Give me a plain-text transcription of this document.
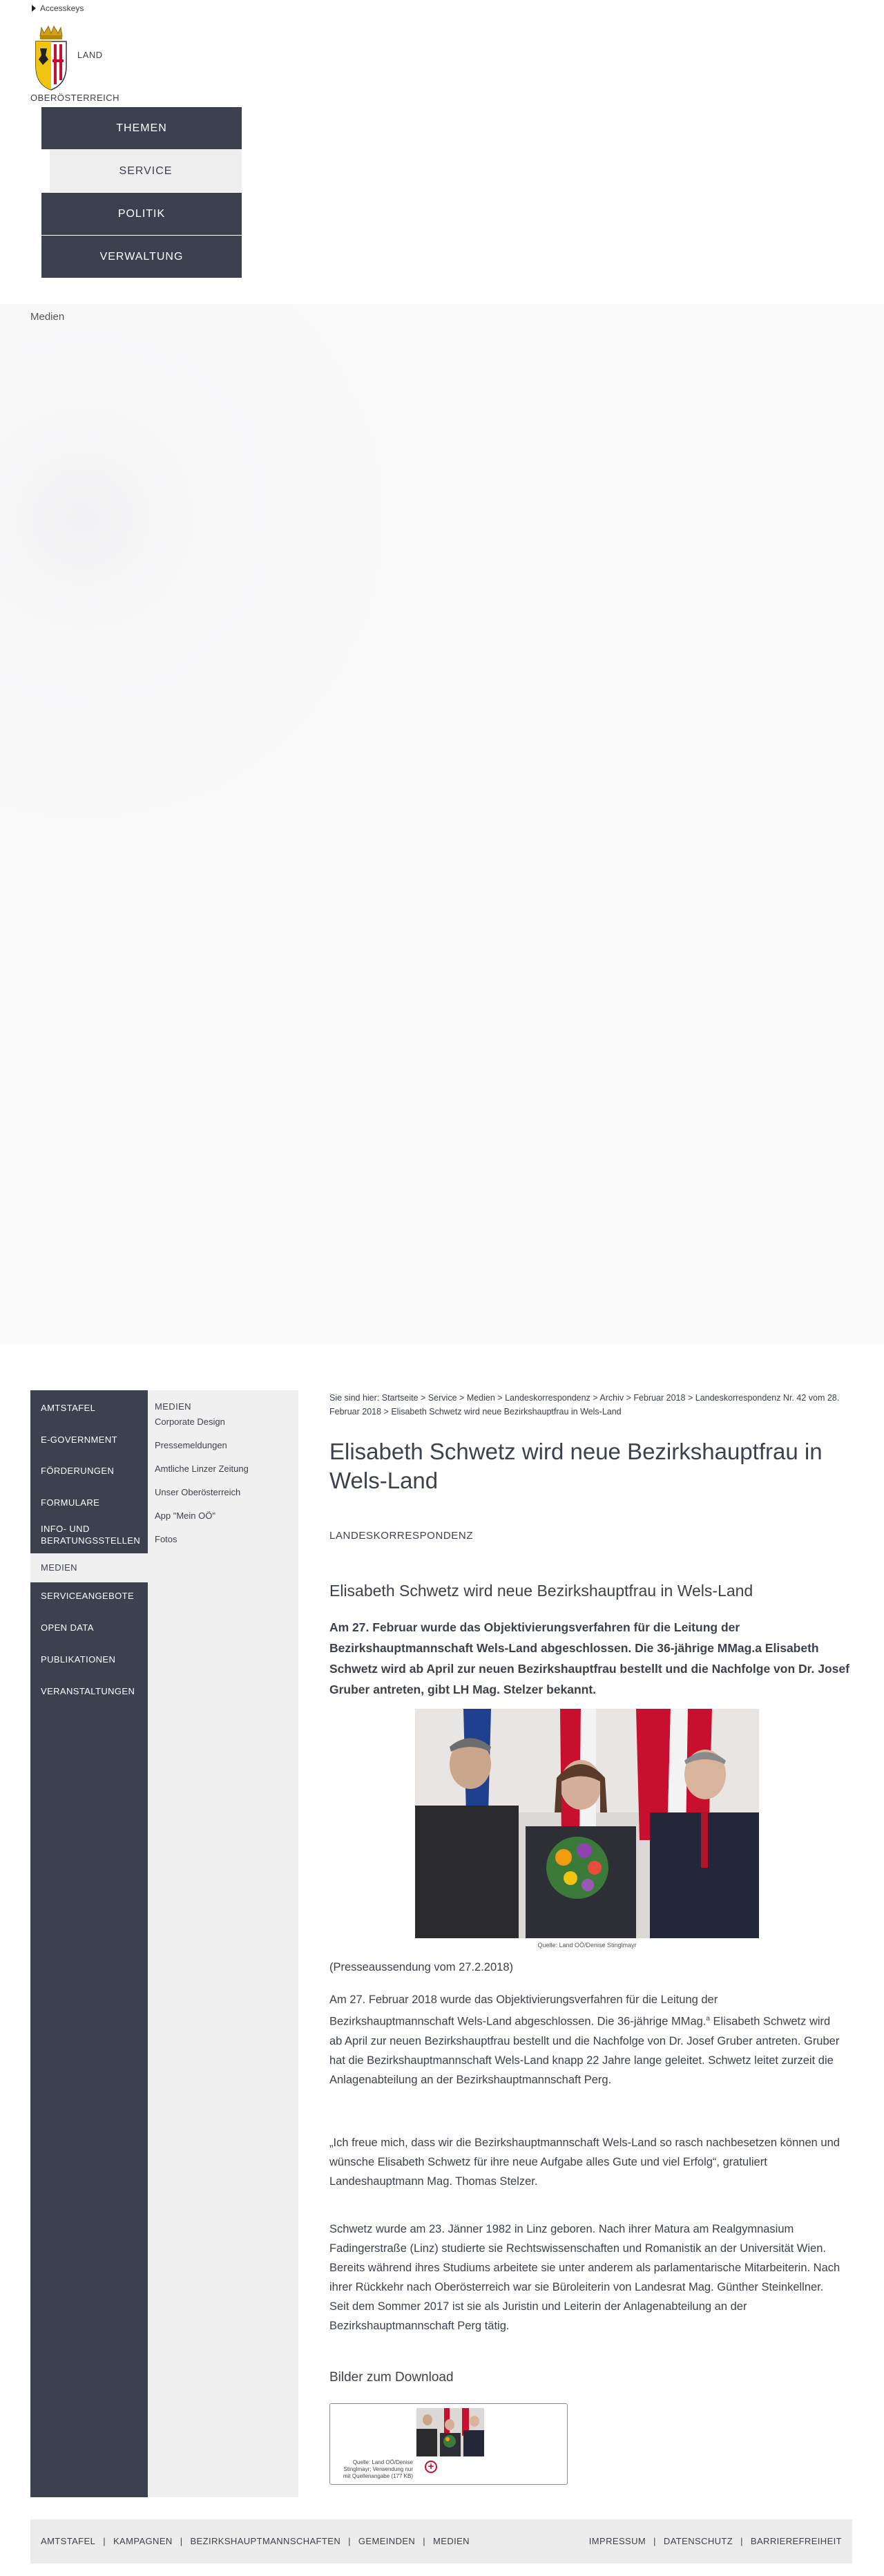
Accesskeys
LAND
OBERÖSTERREICH
THEMEN
SERVICE
POLITIK
VERWALTUNG
Medien
AMTSTAFEL
E-GOVERNMENT
FÖRDERUNGEN
FORMULARE
INFO- UND BERATUNGSSTELLEN
MEDIEN
SERVICEANGEBOTE
OPEN DATA
PUBLIKATIONEN
VERANSTALTUNGEN
MEDIEN
Corporate Design
Pressemeldungen
Amtliche Linzer Zeitung
Unser Oberösterreich
App "Mein OÖ"
Fotos
Sie sind hier: Startseite > Service > Medien > Landeskorrespondenz > Archiv > Februar 2018 > Landeskorrespondenz Nr. 42 vom 28. Februar 2018 > Elisabeth Schwetz wird neue Bezirkshauptfrau in Wels-Land
Elisabeth Schwetz wird neue Bezirkshauptfrau in Wels-Land
LANDESKORRESPONDENZ
Elisabeth Schwetz wird neue Bezirkshauptfrau in Wels-Land

Am 27. Februar wurde das Objektivierungsverfahren für die Leitung der Bezirkshauptmannschaft Wels-Land abgeschlossen. Die 36-jährige MMag.a Elisabeth Schwetz wird ab April zur neuen Bezirkshauptfrau bestellt und die Nachfolge von Dr. Josef Gruber antreten, gibt LH Mag. Stelzer bekannt.

Quelle: Land OÖ/Denise Stinglmayr
(Presseaussendung vom 27.2.2018)

Am 27. Februar 2018 wurde das Objektivierungsverfahren für die Leitung der Bezirkshauptmannschaft Wels-Land abgeschlossen. Die 36-jährige MMag.$^a$ Elisabeth Schwetz wird ab April zur neuen Bezirkshauptfrau bestellt und die Nachfolge von Dr. Josef Gruber antreten. Gruber hat die Bezirkshauptmannschaft Wels-Land knapp 22 Jahre lange geleitet. Schwetz leitet zurzeit die Anlagenabteilung an der Bezirkshauptmannschaft Perg.

„Ich freue mich, dass wir die Bezirkshauptmannschaft Wels-Land so rasch nachbesetzen können und wünsche Elisabeth Schwetz für ihre neue Aufgabe alles Gute und viel Erfolg“, gratuliert Landeshauptmann Mag. Thomas Stelzer.

Schwetz wurde am 23. Jänner 1982 in Linz geboren. Nach ihrer Matura am Realgymnasium Fadingerstraße (Linz) studierte sie Rechtswissenschaften und Romanistik an der Universität Wien. Bereits während ihres Studiums arbeitete sie unter anderem als parlamentarische Mitarbeiterin. Nach ihrer Rückkehr nach Oberösterreich war sie Büroleiterin von Landesrat Mag. Günther Steinkellner. Seit dem Sommer 2017 ist sie als Juristin und Leiterin der Anlagenabteilung an der Bezirkshauptmannschaft Perg tätig.

Bilder zum Download
Quelle: Land OÖ/Denise Stinglmayr; Verwendung nur mit Quellenangabe (177 KB)
+
AMTSTAFEL | KAMPAGNEN | BEZIRKSHAUPTMANNSCHAFTEN | GEMEINDEN | MEDIEN	IMPRESSUM | DATENSCHUTZ | BARRIEREFREIHEIT
